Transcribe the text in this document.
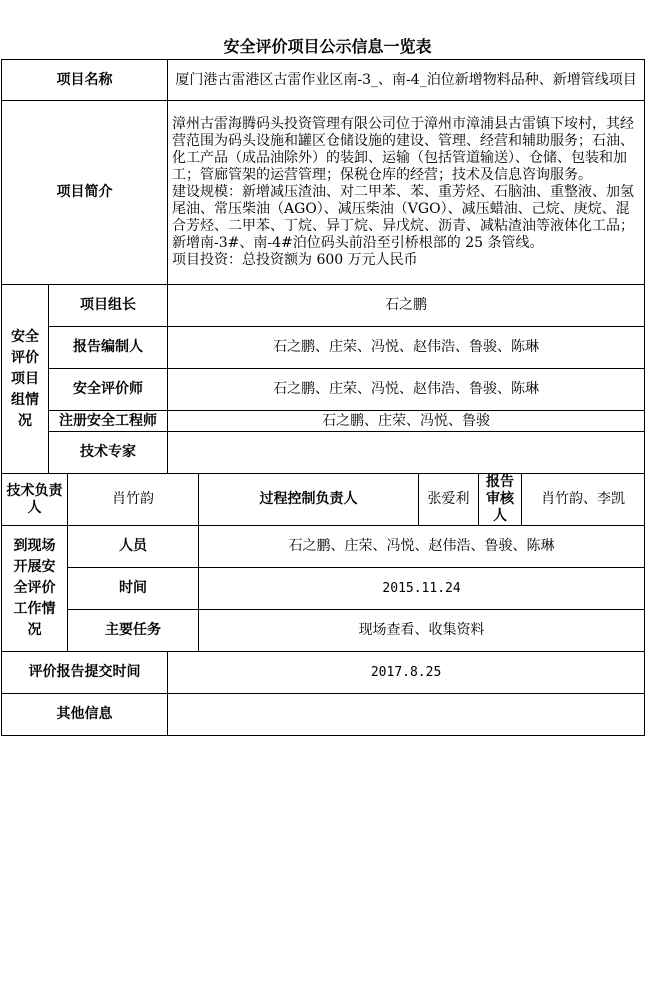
安全评价项目公示信息一览表
项目名称			厦门港古雷港区古雷作业区南-3_、南-4_泊位新增物料品种、新增管线项目				
项目简介			漳州古雷海腾码头投资管理有限公司位于漳州市漳浦县古雷镇下垵村，其经营范围为码头设施和罐区仓储设施的建设、管理、经营和辅助服务；石油、化工产品（成品油除外）的装卸、运输（包括管道输送）、仓储、包装和加工；管廊管架的运营管理；保税仓库的经营；技术及信息咨询服务。
建设规模：新增减压渣油、对二甲苯、苯、重芳烃、石脑油、重整液、加氢尾油、常压柴油（AGO）、减压柴油（VGO）、减压蜡油、己烷、庚烷、混合芳烃、二甲苯、丁烷、异丁烷、异戊烷、沥青、减粘渣油等液体化工品；新增南-3#、南-4#泊位码头前沿至引桥根部的 25 条管线。
项目投资：总投资额为 600 万元人民币				

安全评价项目组情况	项目组长		石之鹏				
	报告编制人		石之鹏、庄荣、冯悦、赵伟浩、鲁骏、陈琳				
	安全评价师		石之鹏、庄荣、冯悦、赵伟浩、鲁骏、陈琳				
	注册安全工程师		石之鹏、庄荣、冯悦、鲁骏				
	技术专家						
技术负责人		肖竹韵		过程控制负责人	张爱利	报告审核人	肖竹韵、李凯
到现场开展安全评价工作情况		人员		石之鹏、庄荣、冯悦、赵伟浩、鲁骏、陈琳			
		时间		2015.11.24			
		主要任务		现场查看、收集资料			
评价报告提交时间			2017.8.25				
其他信息							
